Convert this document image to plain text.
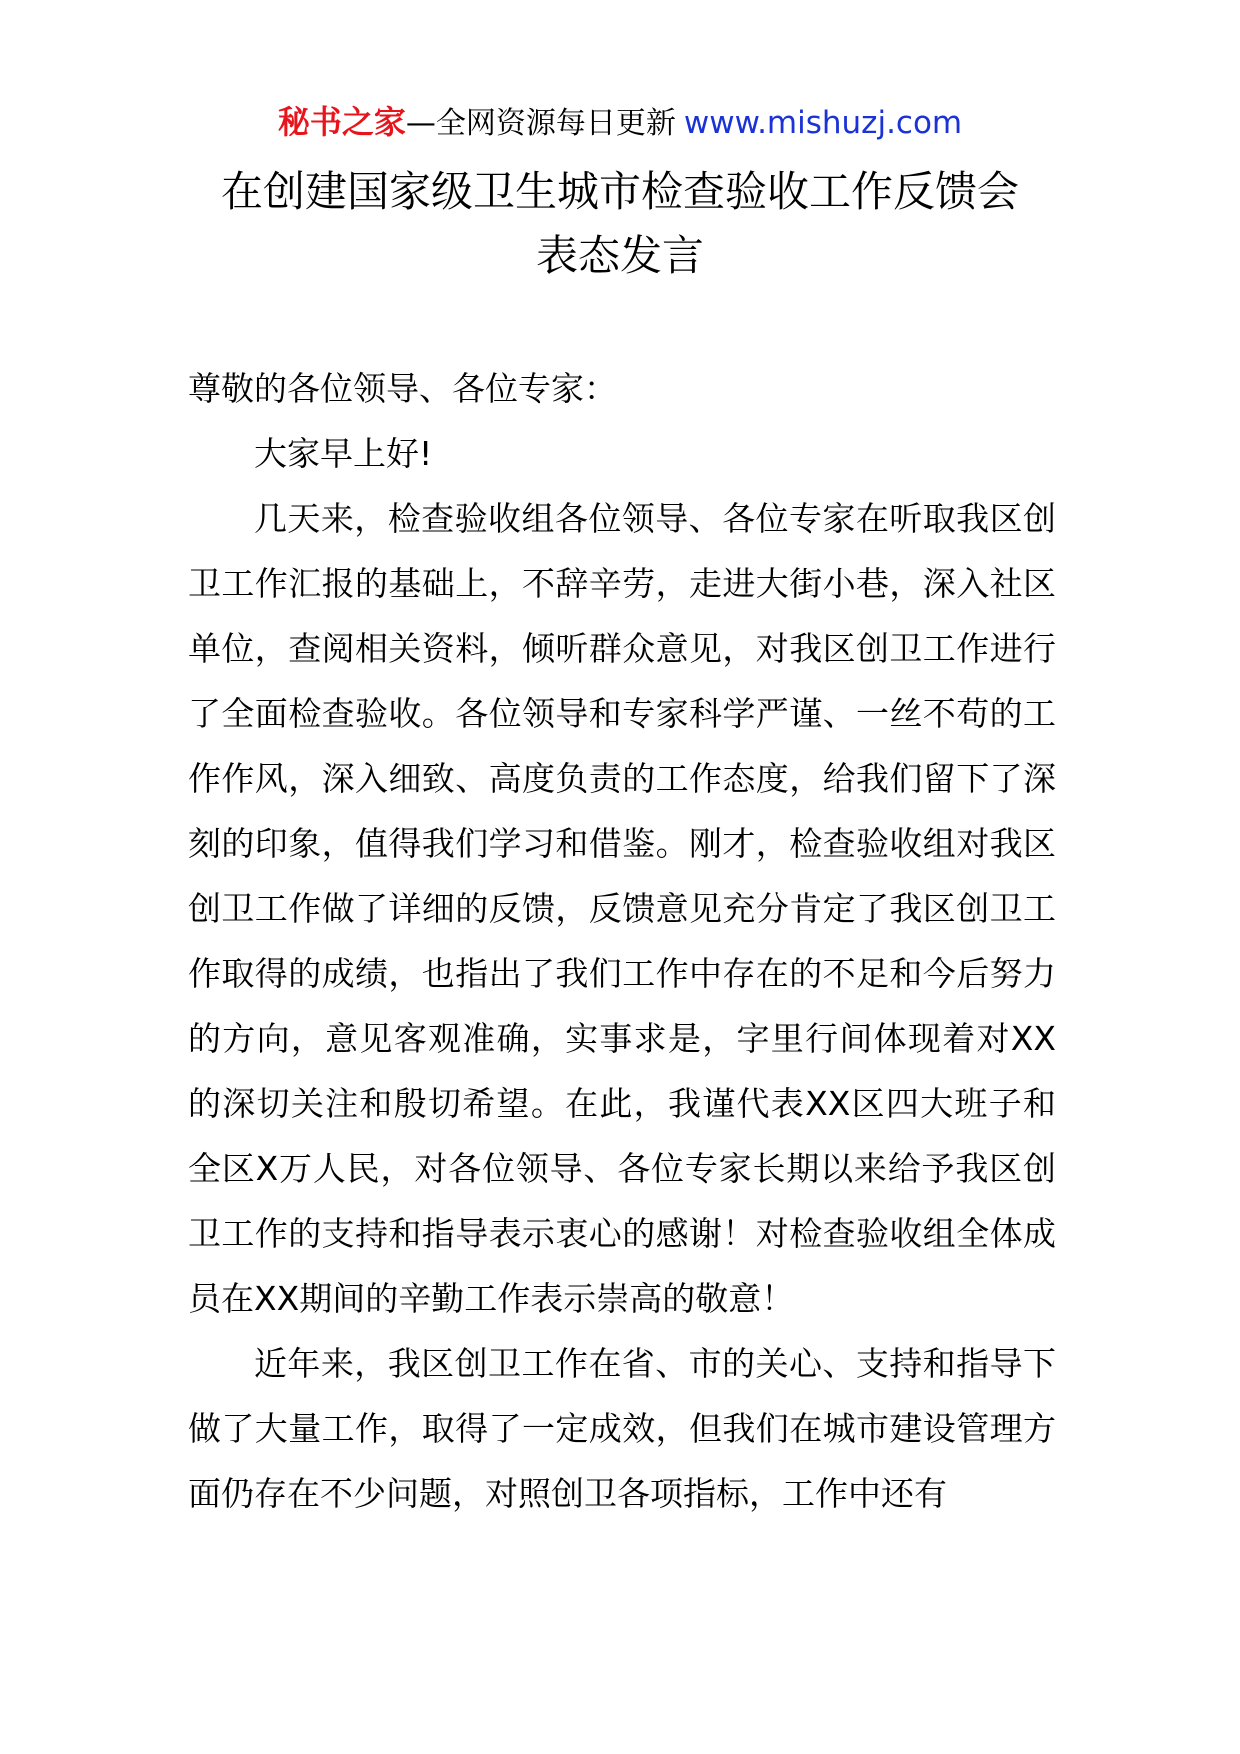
秘书之家—全网资源每日更新 www.mishuzj.com
在创建国家级卫生城市检查验收工作反馈会
表态发言

尊敬的各位领导、各位专家：

大家早上好!

几天来，检查验收组各位领导、各位专家在听取我区创卫工作汇报的基础上，不辞辛劳，走进大街小巷，深入社区单位，查阅相关资料，倾听群众意见，对我区创卫工作进行了全面检查验收。各位领导和专家科学严谨、一丝不苟的工作作风，深入细致、高度负责的工作态度，给我们留下了深刻的印象，值得我们学习和借鉴。刚才，检查验收组对我区创卫工作做了详细的反馈，反馈意见充分肯定了我区创卫工作取得的成绩，也指出了我们工作中存在的不足和今后努力的方向，意见客观准确，实事求是，字里行间体现着对XX的深切关注和殷切希望。在此，我谨代表XX区四大班子和全区X万人民，对各位领导、各位专家长期以来给予我区创卫工作的支持和指导表示衷心的感谢！对检查验收组全体成员在XX期间的辛勤工作表示崇高的敬意！

近年来，我区创卫工作在省、市的关心、支持和指导下做了大量工作，取得了一定成效，但我们在城市建设管理方面仍存在不少问题，对照创卫各项指标，工作中还有
